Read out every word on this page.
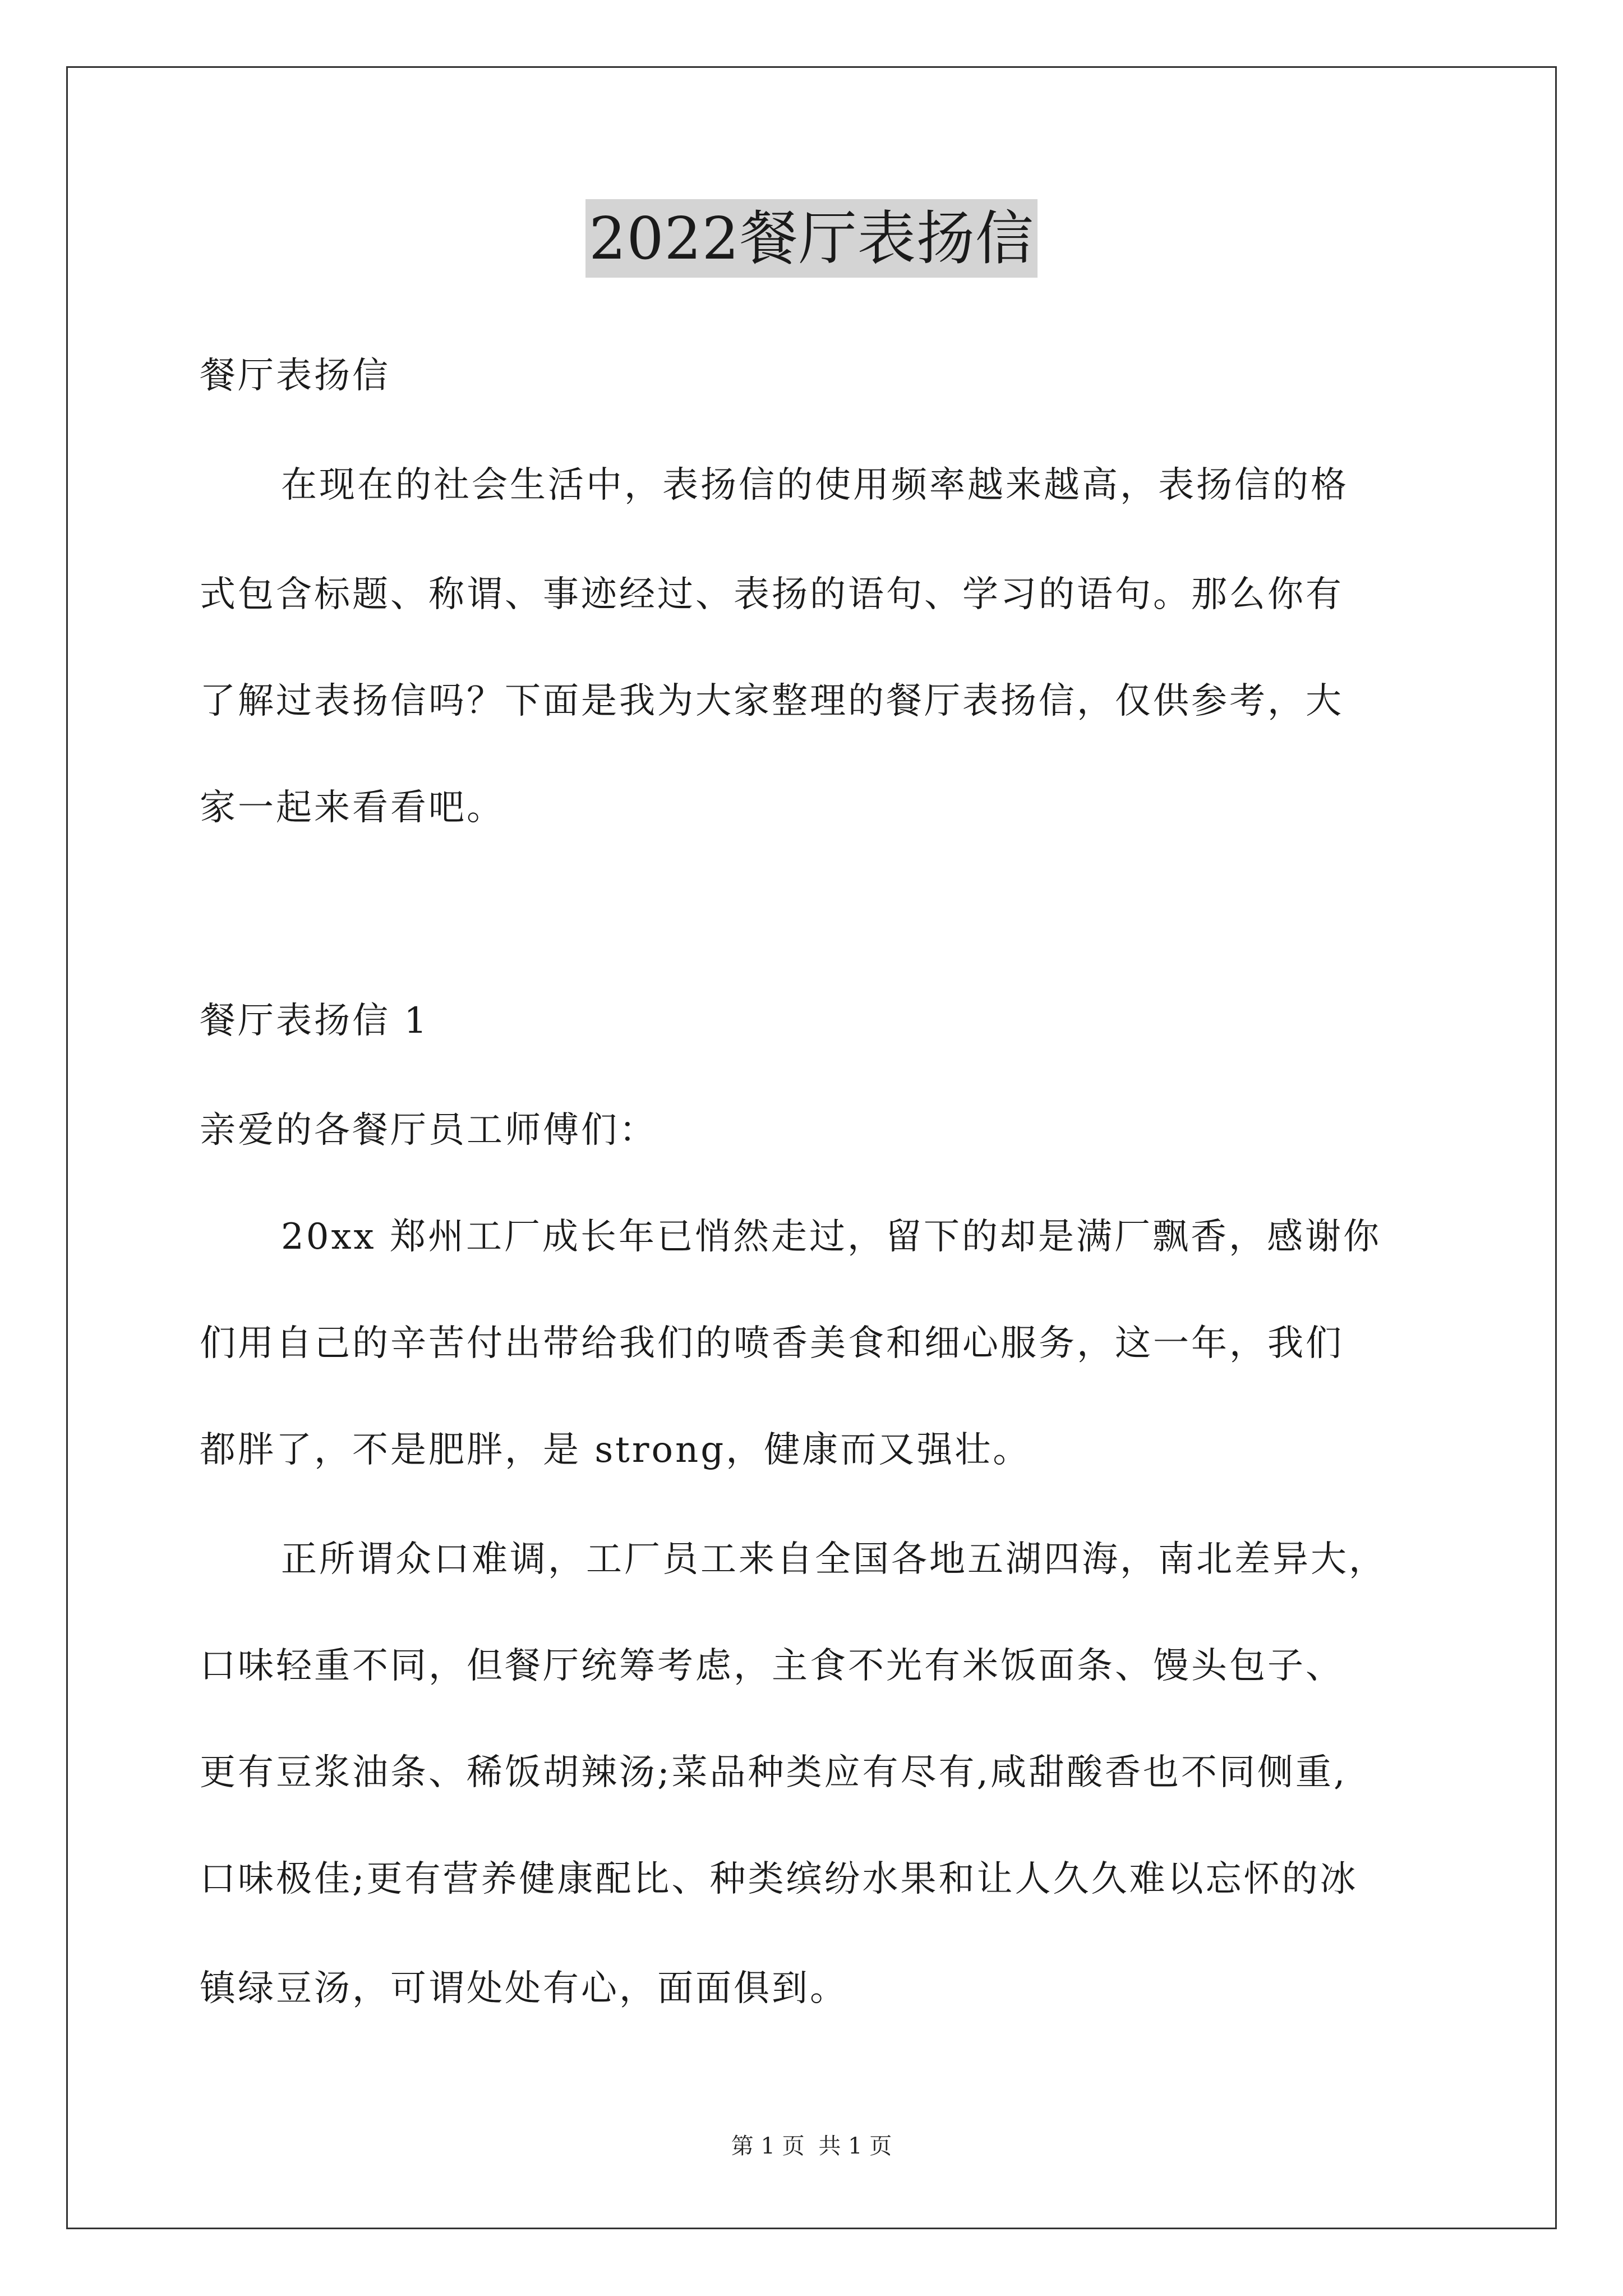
2022餐厅表扬信
餐厅表扬信
在现在的社会生活中，表扬信的使用频率越来越高，表扬信的格
式包含标题、称谓、事迹经过、表扬的语句、学习的语句。那么你有
了解过表扬信吗？下面是我为大家整理的餐厅表扬信，仅供参考，大
家一起来看看吧。
餐厅表扬信 1
亲爱的各餐厅员工师傅们：
20xx 郑州工厂成长年已悄然走过，留下的却是满厂飘香，感谢你
们用自己的辛苦付出带给我们的喷香美食和细心服务，这一年，我们
都胖了，不是肥胖，是 strong，健康而又强壮。
正所谓众口难调，工厂员工来自全国各地五湖四海，南北差异大，
口味轻重不同，但餐厅统筹考虑，主食不光有米饭面条、馒头包子、
更有豆浆油条、稀饭胡辣汤;菜品种类应有尽有,咸甜酸香也不同侧重,
口味极佳;更有营养健康配比、种类缤纷水果和让人久久难以忘怀的冰
镇绿豆汤，可谓处处有心，面面俱到。
第 1 页 共 1 页
